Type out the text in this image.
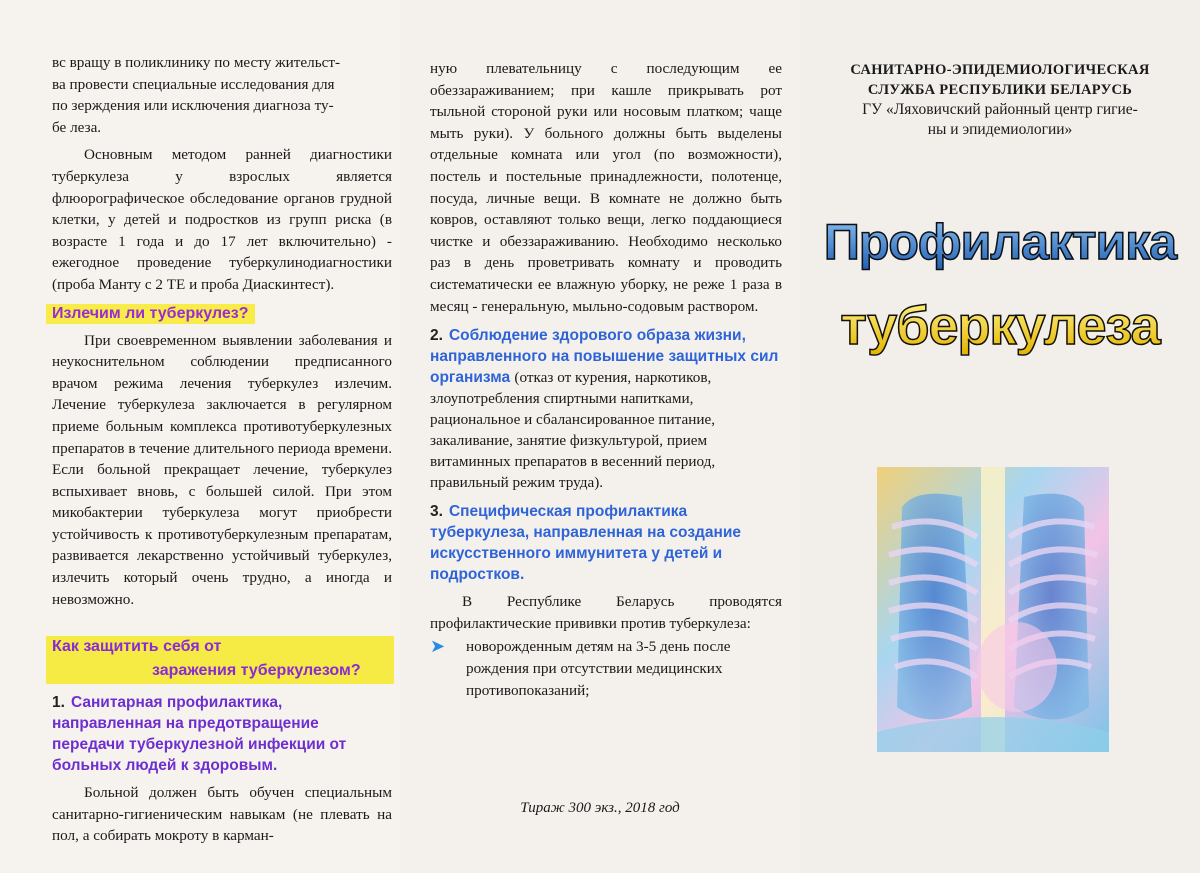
вс вращу в поликлинику по месту жительст-
ва провести специальные исследования для
по зерждения или исключения диагноза ту-
бе леза.

Основным методом ранней диагностики туберкулеза у взрослых является флюорографическое обследование органов грудной клетки, у детей и подростков из групп риска (в возрасте 1 года и до 17 лет включительно) - ежегодное проведение туберкулинодиагностики (проба Манту с 2 ТЕ и проба Диаскинтест).

Излечим ли туберкулез?

При своевременном выявлении заболевания и неукоснительном соблюдении предписанного врачом режима лечения туберкулез излечим. Лечение туберкулеза заключается в регулярном приеме больным комплекса противотуберкулезных препаратов в течение длительного периода времени. Если больной прекращает лечение, туберкулез вспыхивает вновь, с большей силой. При этом микобактерии туберкулеза могут приобрести устойчивость к противотуберкулезным препаратам, развивается лекарственно устойчивый туберкулез, излечить который очень трудно, а иногда и невозможно.

Как защитить себя от
заражения туберкулезом?
1. Санитарная профилактика, направленная на предотвращение передачи туберкулезной инфекции от больных людей к здоровым.

Больной должен быть обучен специальным санитарно-гигиеническим навыкам (не плевать на пол, а собирать мокроту в карман-

ную плевательницу с последующим ее обеззараживанием; при кашле прикрывать рот тыльной стороной руки или носовым платком; чаще мыть руки). У больного должны быть выделены отдельные комната или угол (по возможности), постель и постельные принадлежности, полотенце, посуда, личные вещи. В комнате не должно быть ковров, оставляют только вещи, легко поддающиеся чистке и обеззараживанию. Необходимо несколько раз в день проветривать комнату и проводить систематически ее влажную уборку, не реже 1 раза в месяц - генеральную, мыльно-содовым раствором.

2. Соблюдение здорового образа жизни, направленного на повышение защитных сил организма (отказ от курения, наркотиков, злоупотребления спиртными напитками, рациональное и сбалансированное питание, закаливание, занятие физкультурой, прием витаминных препаратов в весенний период, правильный режим труда).
3. Специфическая профилактика туберкулеза, направленная на создание искусственного иммунитета у детей и подростков.

В Республике Беларусь проводятся профилактические прививки против туберкулеза:

➤	новорожденным детям на 3-5 день после рождения при отсутствии медицинских противопоказаний;
Тираж 300 экз., 2018 год
САНИТАРНО-ЭПИДЕМИОЛОГИЧЕСКАЯ
СЛУЖБА РЕСПУБЛИКИ БЕЛАРУСЬ
ГУ «Ляховичский районный центр гигие-
ны и эпидемиологии»
Профилактика
туберкулеза
